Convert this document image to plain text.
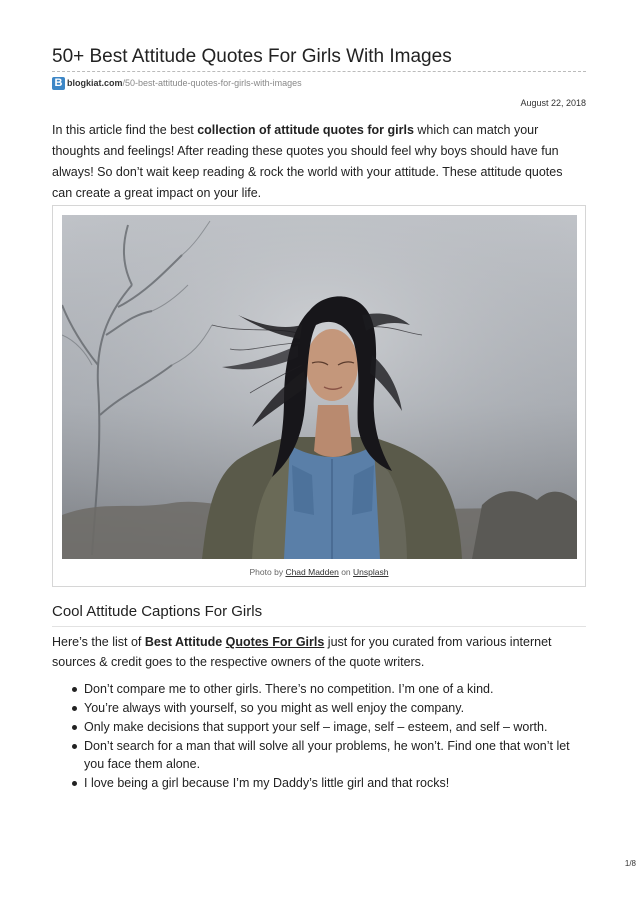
50+ Best Attitude Quotes For Girls With Images
B blogkiat.com /50-best-attitude-quotes-for-girls-with-images
August 22, 2018

In this article find the best collection of attitude quotes for girls which can match your thoughts and feelings! After reading these quotes you should feel why boys should have fun always! So don’t wait keep reading & rock the world with your attitude. These attitude quotes can create a great impact on your life.

Photo by Chad Madden on Unsplash
Cool Attitude Captions For Girls

Here’s the list of Best Attitude Quotes For Girls just for you curated from various internet sources & credit goes to the respective owners of the quote writers.

Don’t compare me to other girls. There’s no competition. I’m one of a kind.
You’re always with yourself, so you might as well enjoy the company.
Only make decisions that support your self – image, self – esteem, and self – worth.
Don’t search for a man that will solve all your problems, he won’t. Find one that won’t let you face them alone.
I love being a girl because I’m my Daddy’s little girl and that rocks!
1/8
